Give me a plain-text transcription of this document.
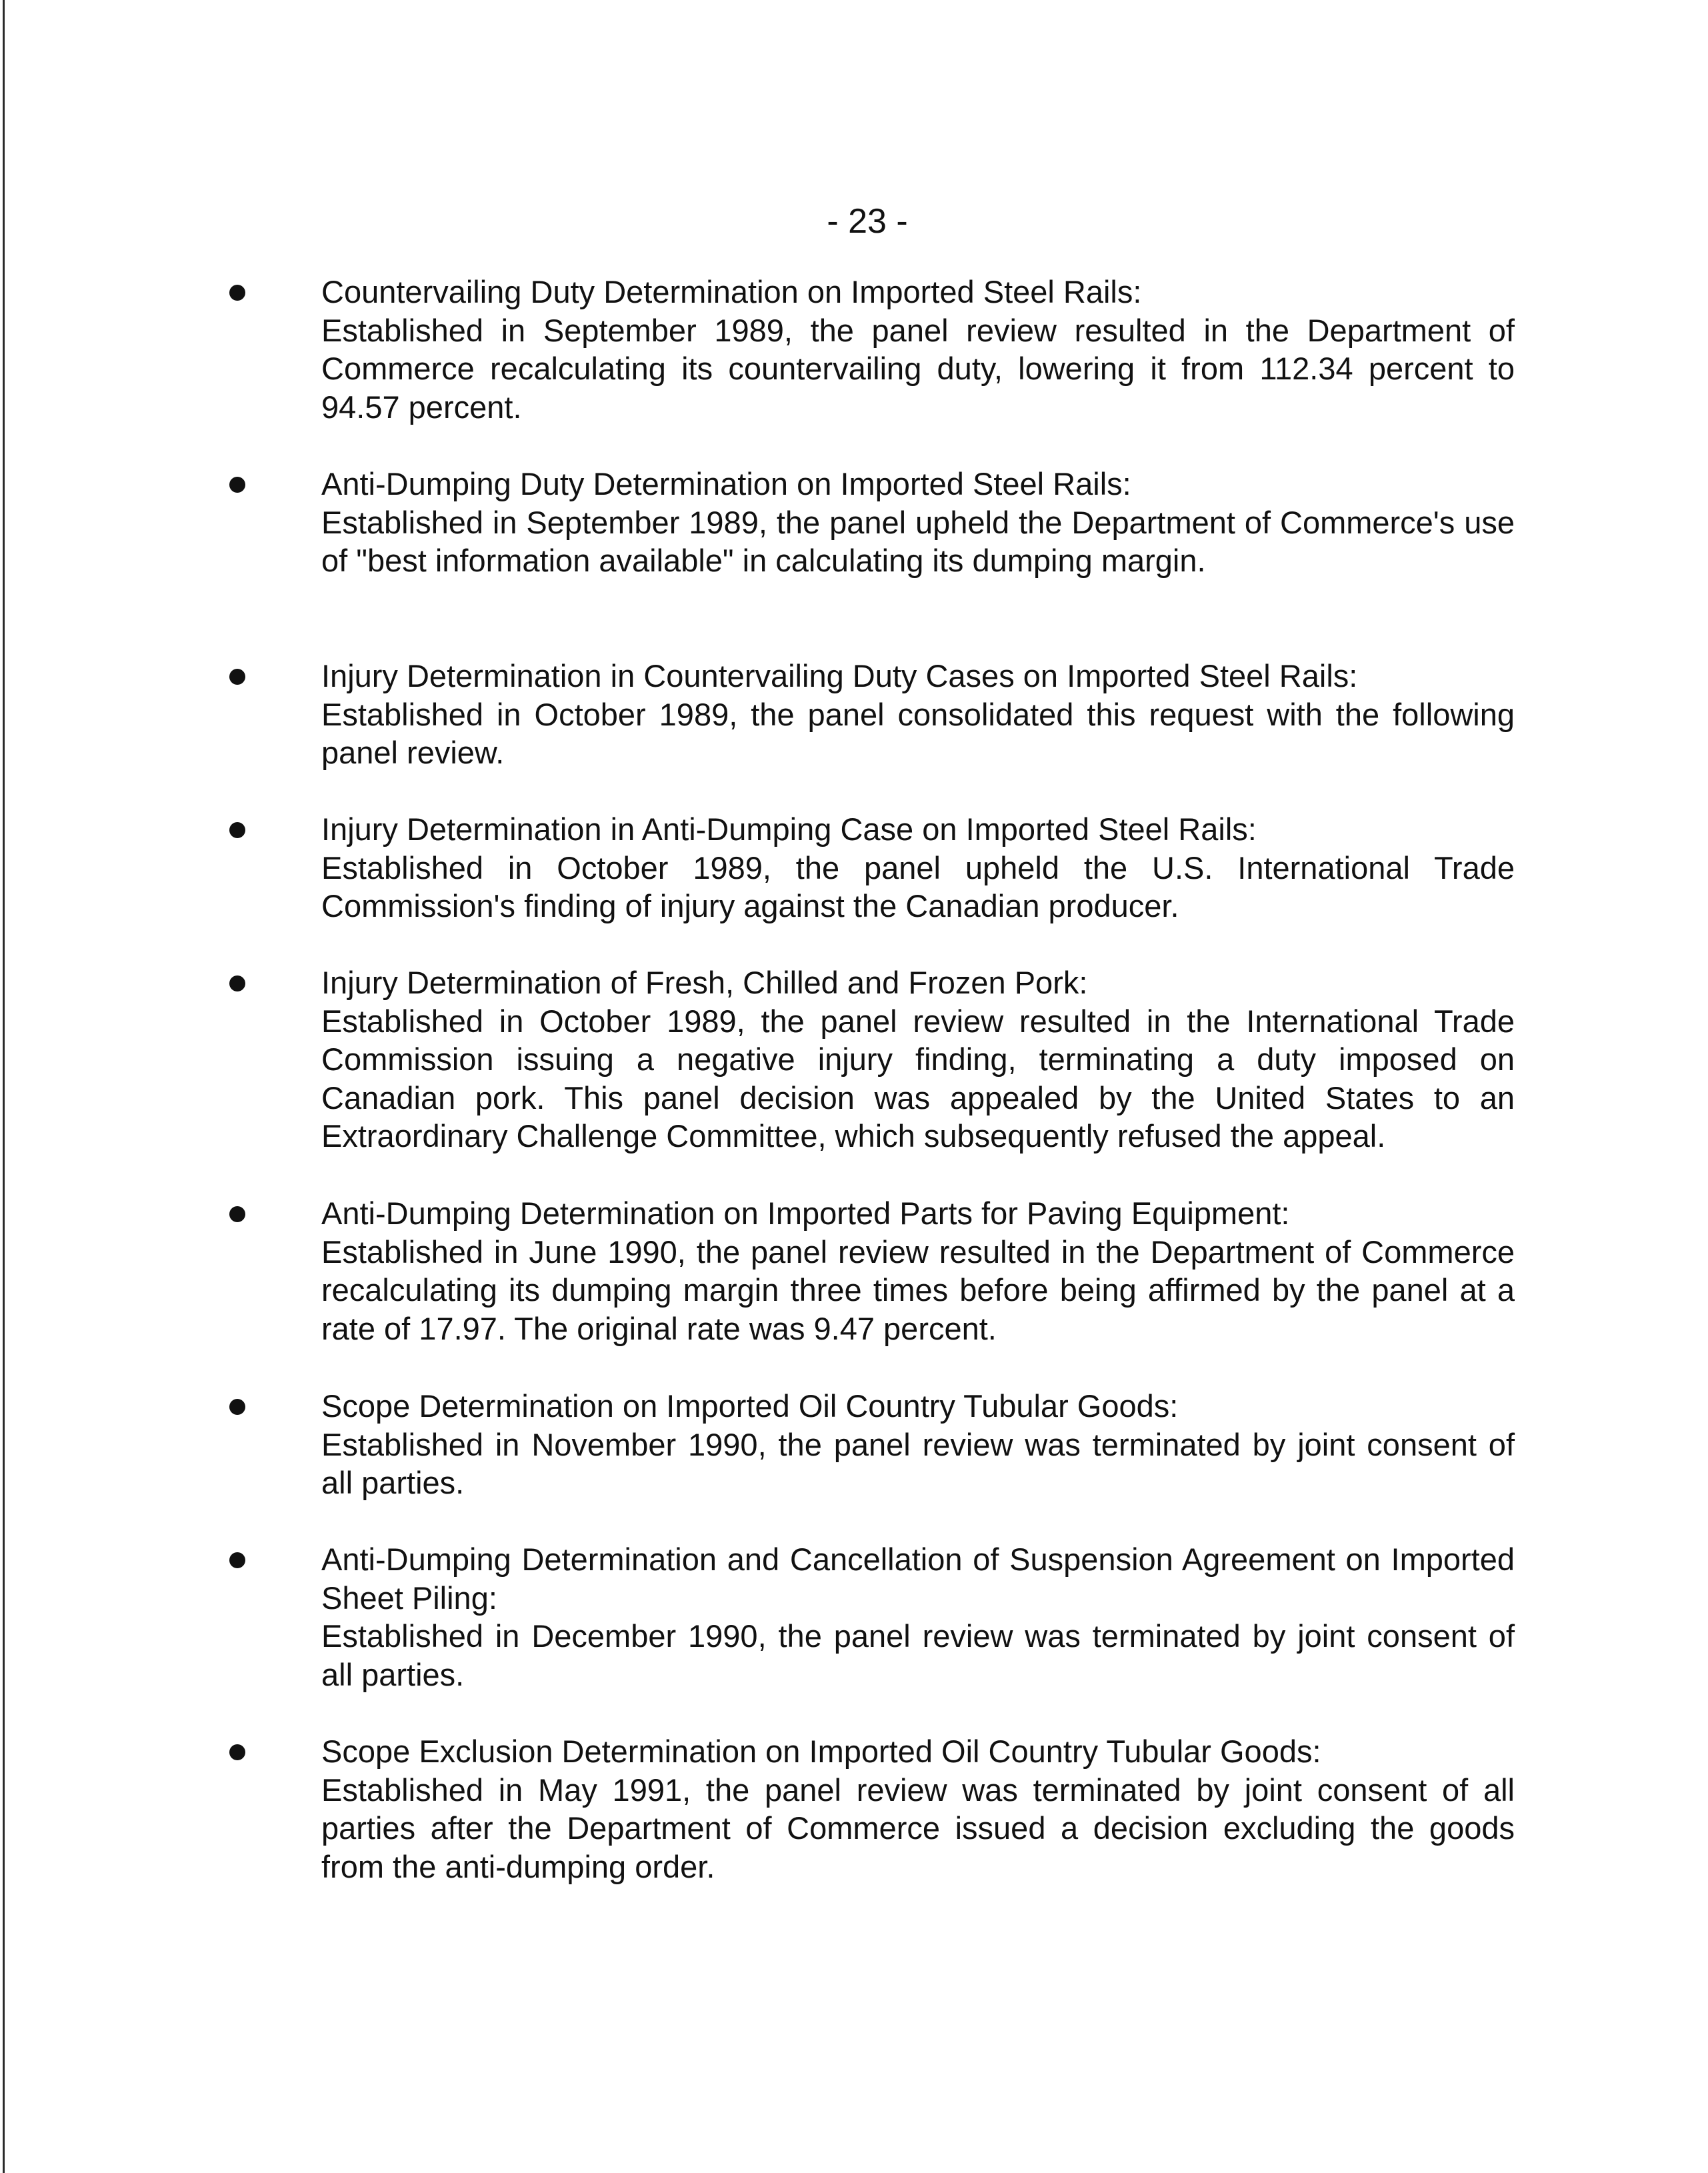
- 23 -
Countervailing Duty Determination on Imported Steel Rails:
Established in September 1989, the panel review resulted in the Department of Commerce recalculating its countervailing duty, lowering it from 112.34 percent to 94.57 percent.
Anti-Dumping Duty Determination on Imported Steel Rails:
Established in September 1989, the panel upheld the Department of Commerce's use of "best information available" in calculating its dumping margin.
Injury Determination in Countervailing Duty Cases on Imported Steel Rails:
Established in October 1989, the panel consolidated this request with the following panel review.
Injury Determination in Anti-Dumping Case on Imported Steel Rails:
Established in October 1989, the panel upheld the U.S. International Trade Commission's finding of injury against the Canadian producer.
Injury Determination of Fresh, Chilled and Frozen Pork:
Established in October 1989, the panel review resulted in the International Trade Commission issuing a negative injury finding, terminating a duty imposed on Canadian pork. This panel decision was appealed by the United States to an Extraordinary Challenge Committee, which subsequently refused the appeal.
Anti-Dumping Determination on Imported Parts for Paving Equipment:
Established in June 1990, the panel review resulted in the Department of Commerce recalculating its dumping margin three times before being affirmed by the panel at a rate of 17.97. The original rate was 9.47 percent.
Scope Determination on Imported Oil Country Tubular Goods:
Established in November 1990, the panel review was terminated by joint consent of all parties.
Anti-Dumping Determination and Cancellation of Suspension Agreement on Imported Sheet Piling:
Established in December 1990, the panel review was terminated by joint consent of all parties.
Scope Exclusion Determination on Imported Oil Country Tubular Goods:
Established in May 1991, the panel review was terminated by joint consent of all parties after the Department of Commerce issued a decision excluding the goods from the anti-dumping order.
